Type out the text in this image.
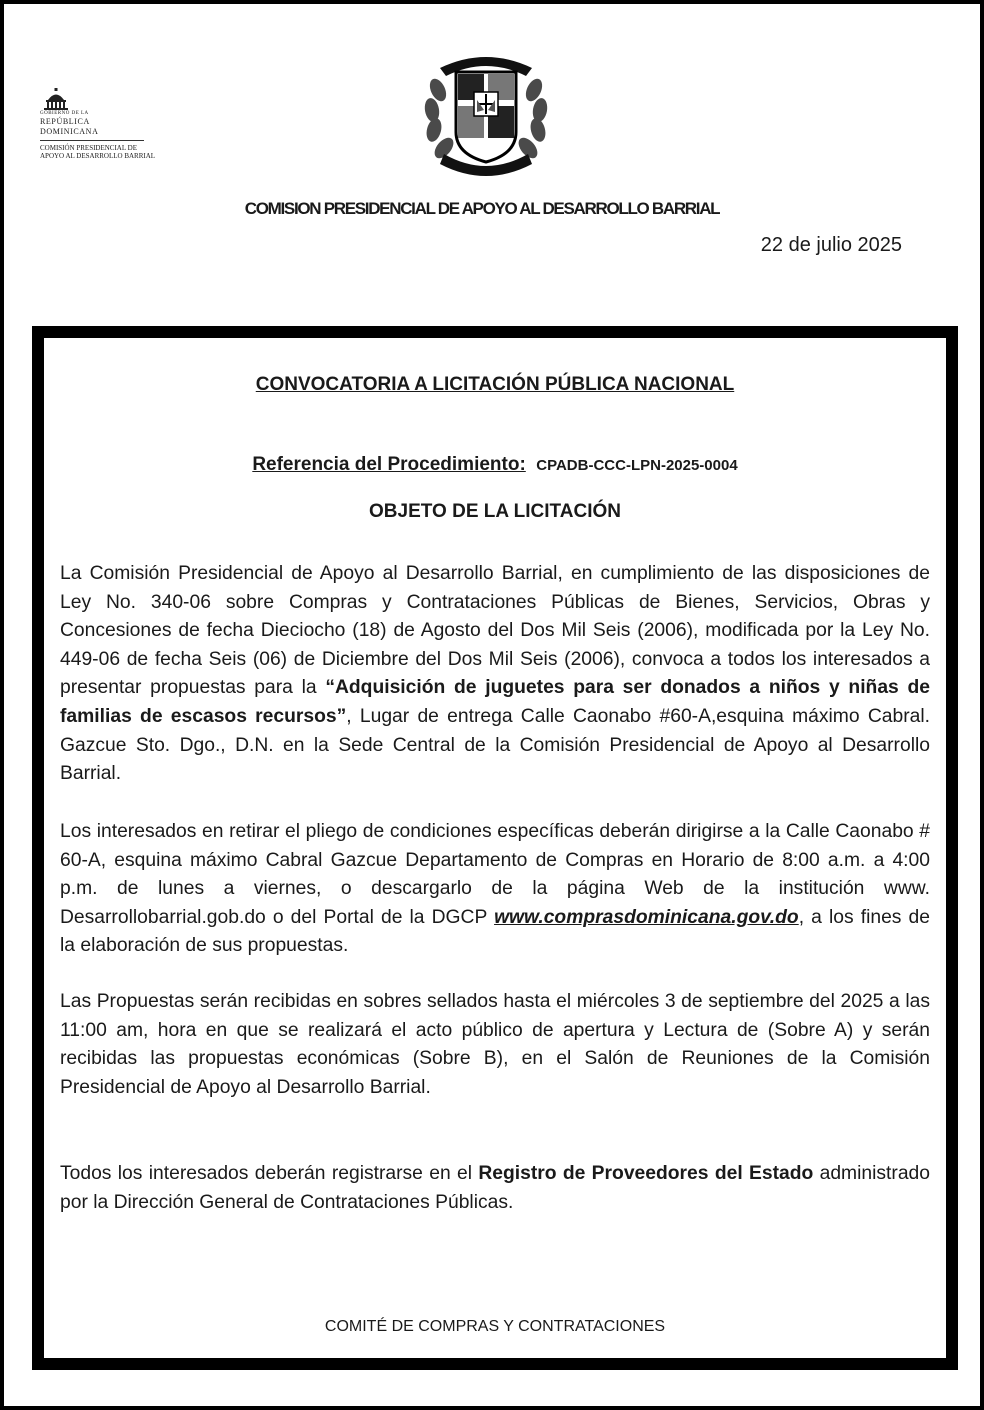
GOBIERNO DE LA
REPÚBLICA DOMINICANA
COMISIÓN PRESIDENCIAL DE
APOYO AL DESARROLLO BARRIAL
COMISION PRESIDENCIAL DE APOYO AL DESARROLLO BARRIAL
22 de julio 2025
CONVOCATORIA A LICITACIÓN PÚBLICA NACIONAL
Referencia del Procedimiento: CPADB-CCC-LPN-2025-0004
OBJETO DE LA LICITACIÓN

La Comisión Presidencial de Apoyo al Desarrollo Barrial, en cumplimiento de las disposiciones de Ley No. 340-06 sobre Compras y Contrataciones Públicas de Bienes, Servicios, Obras y Concesiones de fecha Dieciocho (18) de Agosto del Dos Mil Seis (2006), modificada por la Ley No. 449-06 de fecha Seis (06) de Diciembre del Dos Mil Seis (2006), convoca a todos los interesados a presentar propuestas para la “Adquisición de juguetes para ser donados a niños y niñas de familias de escasos recursos”, Lugar de entrega Calle Caonabo #60-A,esquina máximo Cabral. Gazcue Sto. Dgo., D.N. en la Sede Central de la Comisión Presidencial de Apoyo al Desarrollo Barrial.

Los interesados en retirar el pliego de condiciones específicas deberán dirigirse a la Calle Caonabo # 60-A, esquina máximo Cabral Gazcue Departamento de Compras en Horario de 8:00 a.m. a 4:00 p.m. de lunes a viernes, o descargarlo de la página Web de la institución www. Desarrollobarrial.gob.do o del Portal de la DGCP www.comprasdominicana.gov.do, a los fines de la elaboración de sus propuestas.

Las Propuestas serán recibidas en sobres sellados hasta el miércoles 3 de septiembre del 2025 a las 11:00 am, hora en que se realizará el acto público de apertura y Lectura de (Sobre A) y serán recibidas las propuestas económicas (Sobre B), en el Salón de Reuniones de la Comisión Presidencial de Apoyo al Desarrollo Barrial.

Todos los interesados deberán registrarse en el Registro de Proveedores del Estado administrado por la Dirección General de Contrataciones Públicas.

COMITÉ DE COMPRAS Y CONTRATACIONES
